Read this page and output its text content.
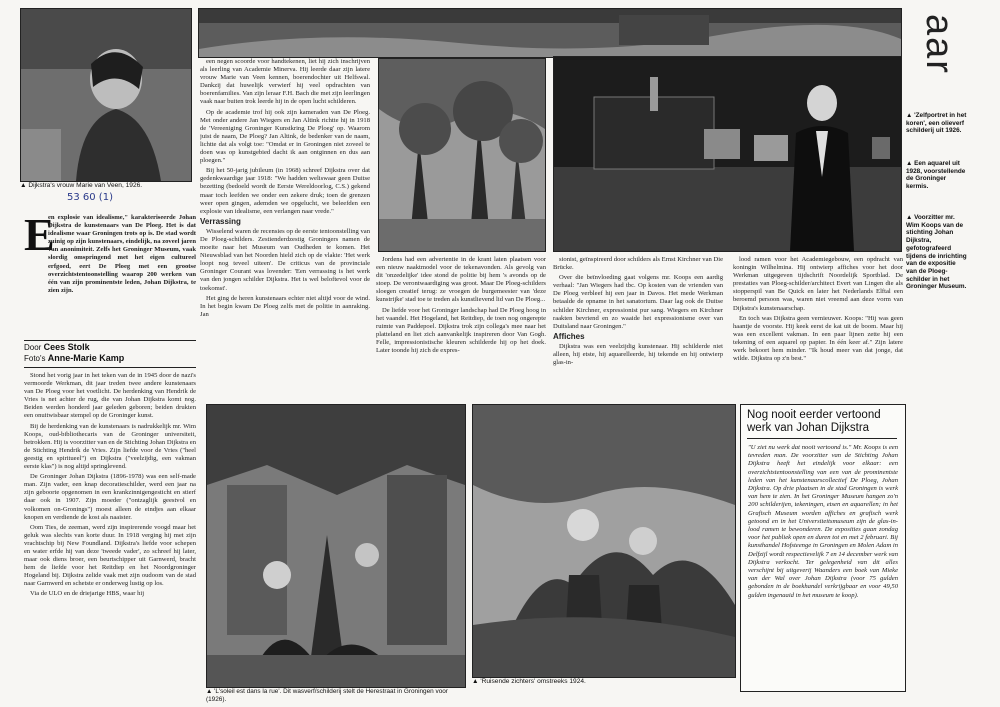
▲ Dijkstra's vrouw Marie van Veen, 1926.
aar
53 60 (1)
E

en explosie van idealisme," karakteriseerde Johan Dijkstra de kunstenaars van De Ploeg. Het is dat idealisme waar Groningen trots op is. De stad wordt zuinig op zijn kunstenaars, eindelijk, na zoveel jaren van anonimiteit. Zelfs het Groninger Museum, vaak slordig omspringend met het eigen cultureel erfgoed, eert De Ploeg met een grootse overzichtstentoonstelling waarop 200 werken van één van zijn prominentste leden, Johan Dijkstra, te zien zijn.

Door Cees Stolk
Foto's Anne-Marie Kamp

Stond het vorig jaar in het teken van de in 1945 door de nazi's vermoorde Werkman, dit jaar treden twee andere kunstenaars van De Ploeg voor het voetlicht. De herdenking van Hendrik de Vries is net achter de rug, die van Johan Dijkstra komt nog. Beiden werden honderd jaar geleden geboren; beiden drukten een onuitwisbaar stempel op de Groninger kunst.

Bij de herdenking van de kunstenaars is nadrukkelijk mr. Wim Koops, oud-bibliothecaris van de Groninger universiteit, betrokken. Hij is voorzitter van en de Stichting Johan Dijkstra en de Stichting Hendrik de Vries. Zijn liefde voor de Vries ("heel geestig en spiritueel") en Dijkstra ("veelzijdig, een vakman eerste klas") is nog altijd springlevend.

De Groninger Johan Dijkstra (1896-1978) was een self-made man. Zijn vader, een knap decoratieschilder, werd een jaar na zijn geboorte opgenomen in een krankzinnigengesticht en stierf daar ook in 1907. Zijn moeder ("ontzaglijk geestvol en volkomen on-Gronings") moest alleen de eindjes aan elkaar knopen en verdiende de kost als naaister.

Oom Ties, de zeeman, werd zijn inspirerende voogd maar het geluk was slechts van korte duur. In 1918 verging hij met zijn vrachtschip bij New Foundland. Dijkstra's liefde voor schepen en water erfde hij van deze 'tweede vader', zo schreef hij later, maar ook diens broer, een beurtschipper uit Garnwerd, bracht hem de liefde voor het Reitdiep en het Noordgroninger Hogeland bij. Dijkstra zelide vaak met zijn oudoom van de stad naar Garnwerd en schetste er onderweg lustig op los.

Via de ULO en de driejarige HBS, waar hij

een negen scoorde voor handtekenen, liet hij zich inschrijven als leerling van Academie Minerva. Hij leerde daar zijn latere vrouw Marie van Veen kennen, boerendochter uit Helfswal. Dankzij dat huwelijk verwierf hij veel opdrachten van boerenfamilies. Van zijn leraar F.H. Bach die met zijn leerlingen vaak naar buiten trok leerde hij in de open lucht schilderen.

Op de academie trof hij ook zijn kameraden van De Ploeg. Met onder andere Jan Wiegers en Jan Altink richtte hij in 1918 de 'Vereeniging Groninger Kunstkring De Ploeg' op. Waarom juist de naam, De Ploeg? Jan Altink, de bedenker van de naam, lichtte dat als volgt toe: "Omdat er in Groningen niet zoveel te doen was op kunstgebied dacht ik aan ontginnen en dus aan ploegen."

Bij het 50-jarig jubileum (in 1968) schreef Dijkstra over dat gedenkwaardige jaar 1918: "We hadden weliswaar geen Duitse bezetting (bedoeld wordt de Eerste Wereldoorlog, C.S.) gekend maar toch leefden we onder een zekere druk; toen de grenzen weer open gingen, ademden we opgelucht, we beleefden een explosie van idealisme, een verlangen naar vrede."

Verrassing

Wisselend waren de recensies op de eerste tentoonstelling van De Ploeg-schilders. Zestienderdzestig Groningers namen de moeite naar het Museum van Oudheden te komen. Het Nieuwsblad van het Noorden hield zich op de vlakte: 'Het werk loopt nog teveel uiteen'. De criticus van de provinciale Groninger Courant was lovender: 'Een verrassing is het werk van den jongen schilder Dijkstra. Het is wel beloftevol voor de toekomst'.

Het ging de heren kunstenaars echter niet altijd voor de wind. In het begin kwam De Ploeg zelfs met de politie in aanraking. Jan

Jordens had een advertentie in de krant laten plaatsen voor een nieuw naaktmodel voor de tekenavonden. Als gevolg van dit 'onzedelijke' idee stond de politie bij hem 's avonds op de stoep. De verontwaardiging was groot. Maar De Ploeg-schilders sloegen creatief terug: ze vroegen de burgemeester van 'deze kunstrijke' stad toe te treden als kunstlievend lid van De Ploeg...

De liefde voor het Groninger landschap had De Ploeg hoog in het vaandel. Het Hogeland, het Reitdiep, de toen nog ongerepte ruimte van Paddepoel. Dijkstra trok zijn collega's mee naar het platteland en liet zich aanvankelijk inspireren door Van Gogh. Felle, impressionistische kleuren schilderde hij op het doek. Later toonde hij zich de expres-

sionist, geïnspireerd door schilders als Ernst Kirchner van Die Brücke.

Over die beïnvloeding gaat volgens mr. Koops een aardig verhaal: "Jan Wiegers had tbc. Op kosten van de vrienden van De Ploeg verbleef hij een jaar in Davos. Het mede Werkman betaalde de opname in het sanatorium. Daar lag ook de Duitse schilder Kirchner, expressionist pur sang. Wiegers en Kirchner raakten bevriend en zo waaide het expressionisme over van Duitsland naar Groningen."

Affiches

Dijkstra was een veelzijdig kunstenaar. Hij schilderde niet alleen, hij etste, hij aquarelleerde, hij tekende en hij ontwierp glas-in-

lood ramen voor het Academiegebouw, een opdracht van koningin Wilhelmina. Hij ontwierp affiches voor het door Werkman uitgegeven tijdschrift Noordelijk Sportblad. De prestaties van Ploeg-schilder/architect Evert van Lingen die als stopperspil van Be Quick en later het Nederlands Elftal een beroemd persoon was, waren niet vreemd aan deze vorm van Dijkstra's kunstenaarschap.

En toch was Dijkstra geen vernieuwer. Koops: "Hij was geen haantje de voorste. Hij keek eerst de kat uit de boom. Maar hij was een excellent vakman. In een paar lijnen zette hij een tekening of een aquarel op papier. In één keer af." Zijn latere werk bekoort hem minder. "Ik houd meer van dat jonge, dat wilde. Dijkstra op z'n best."

▲ 'Zelfportret in het koren', een olieverf schilderij uit 1926.
▲ Een aquarel uit 1928, voorstellende de Groninger kermis.
▲ Voorzitter mr. Wim Koops van de stichting Johan Dijkstra, gefotografeerd tijdens de inrichting van de expositie van de Ploeg-schilder in het Groninger Museum.
▲ 'L'soleil est dans la rue'. Dit wasverf/schilderij stelt de Herestraat in Groningen voor (1926).
▲ 'Ruisende zichters' omstreeks 1924.
Nog nooit eerder vertoond werk van Johan Dijkstra
"U ziet nu werk dat nooit vertoond is." Mr. Koops is een tevreden man. De voorzitter van de Stichting Johan Dijkstra heeft het eindelijk voor elkaar: een overzichtstentoonstelling van een van de prominentste leden van het kunstenaarscollectief De Ploeg, Johan Dijkstra. Op drie plaatsen in de stad Groningen is werk van hem te zien. In het Groninger Museum hangen zo'n 200 schilderijen, tekeningen, etsen en aquarellen; in het Grafisch Museum worden affiches en grafisch werk getoond en in het Universiteitsmuseum zijn de glas-in-lood ramen te bewonderen. De exposities gaan zondag voor het publiek open en duren tot en met 2 februari. Bij kunsthandel Hofsteenge in Groningen en Molen Adam in Delfzijl wordt respectievelijk 7 en 14 december werk van Dijkstra verkocht. Ter gelegenheid van dit alles verschijnt bij uitgeverij Waanders een boek van Mieke van der Wal over Johan Dijkstra (voor 75 gulden gebonden in de boekhandel verkrijgbaar en voor 49,50 gulden ingenaaid in het museum te koop).
